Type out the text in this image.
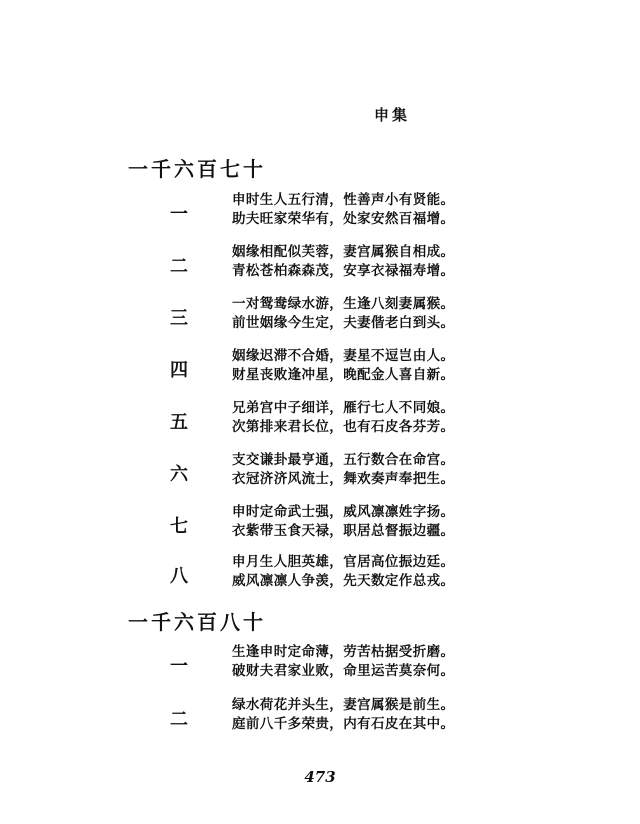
申集
一千六百七十
一
申时生人五行清，性善声小有贤能。
助夫旺家荣华有，处家安然百福增。
二
姻缘相配似芙蓉，妻宫属猴自相成。
青松苍柏森森茂，安享衣禄福寿增。
三
一对鸳鸯绿水游，生逢八刻妻属猴。
前世姻缘今生定，夫妻偕老白到头。
四
姻缘迟滞不合婚，妻星不逗岂由人。
财星丧败逢冲星，晚配金人喜自新。
五
兄弟宫中子细详，雁行七人不同娘。
次第排来君长位，也有石皮各芬芳。
六
支交谦卦最亨通，五行数合在命宫。
衣冠济济风流士，舞欢奏声奉把生。
七
申时定命武士强，威风凛凛姓字扬。
衣紫带玉食天禄，职居总督振边疆。
八
申月生人胆英雄，官居高位振边廷。
威风凛凛人争羡，先天数定作总戎。
一千六百八十
一
生逢申时定命薄，劳苦枯据受折磨。
破财夫君家业败，命里运苦莫奈何。
二
绿水荷花并头生，妻宫属猴是前生。
庭前八千多荣贵，内有石皮在其中。
473
